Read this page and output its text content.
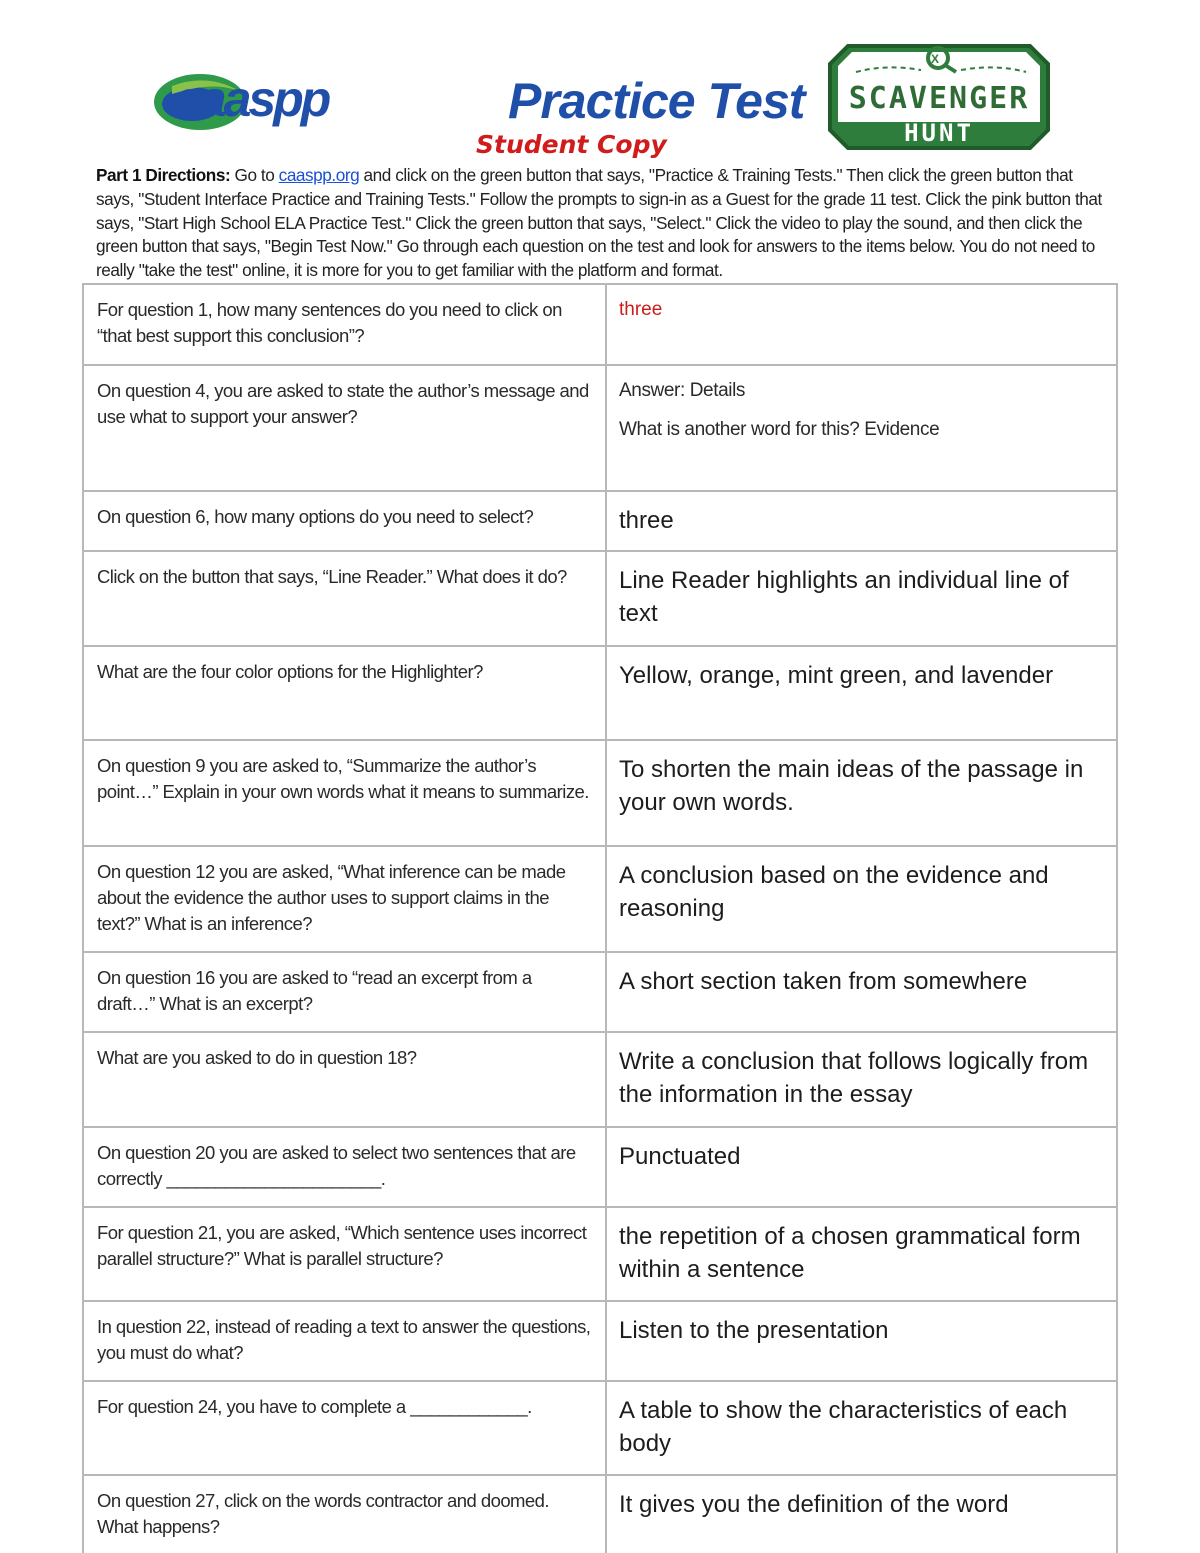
caaspp	Practice Test
Student Copy
X
SCAVENGER
HUNT
Part 1 Directions: Go to caaspp.org and click on the green button that says, "Practice & Training Tests." Then click the green button that says, "Student Interface Practice and Training Tests." Follow the prompts to sign-in as a Guest for the grade 11 test. Click the pink button that says, "Start High School ELA Practice Test." Click the green button that says, "Select." Click the video to play the sound, and then click the green button that says, "Begin Test Now." Go through each question on the test and look for answers to the items below. You do not need to really "take the test" online, it is more for you to get familiar with the platform and format.
For question 1, how many sentences do you need to click on “that best support this conclusion”?	three
On question 4, you are asked to state the author’s message and use what to support your answer?	Answer: Details
What is another word for this? Evidence

On question 6, how many options do you need to select?	three
Click on the button that says, “Line Reader.” What does it do?	Line Reader highlights an individual line of text
What are the four color options for the Highlighter?	Yellow, orange, mint green, and lavender
On question 9 you are asked to, “Summarize the author’s point…” Explain in your own words what it means to summarize.	To shorten the main ideas of the passage in your own words.
On question 12 you are asked, “What inference can be made about the evidence the author uses to support claims in the text?” What is an inference?	A conclusion based on the evidence and reasoning
On question 16 you are asked to “read an excerpt from a draft…” What is an excerpt?	A short section taken from somewhere
What are you asked to do in question 18?	Write a conclusion that follows logically from the information in the essay
On question 20 you are asked to select two sentences that are correctly ______________________.	Punctuated
For question 21, you are asked, “Which sentence uses incorrect parallel structure?” What is parallel structure?	the repetition of a chosen grammatical form within a sentence
In question 22, instead of reading a text to answer the questions, you must do what?	Listen to the presentation
For question 24, you have to complete a ____________.	A table to show the characteristics of each body
On question 27, click on the words contractor and doomed. What happens?	It gives you the definition of the word
